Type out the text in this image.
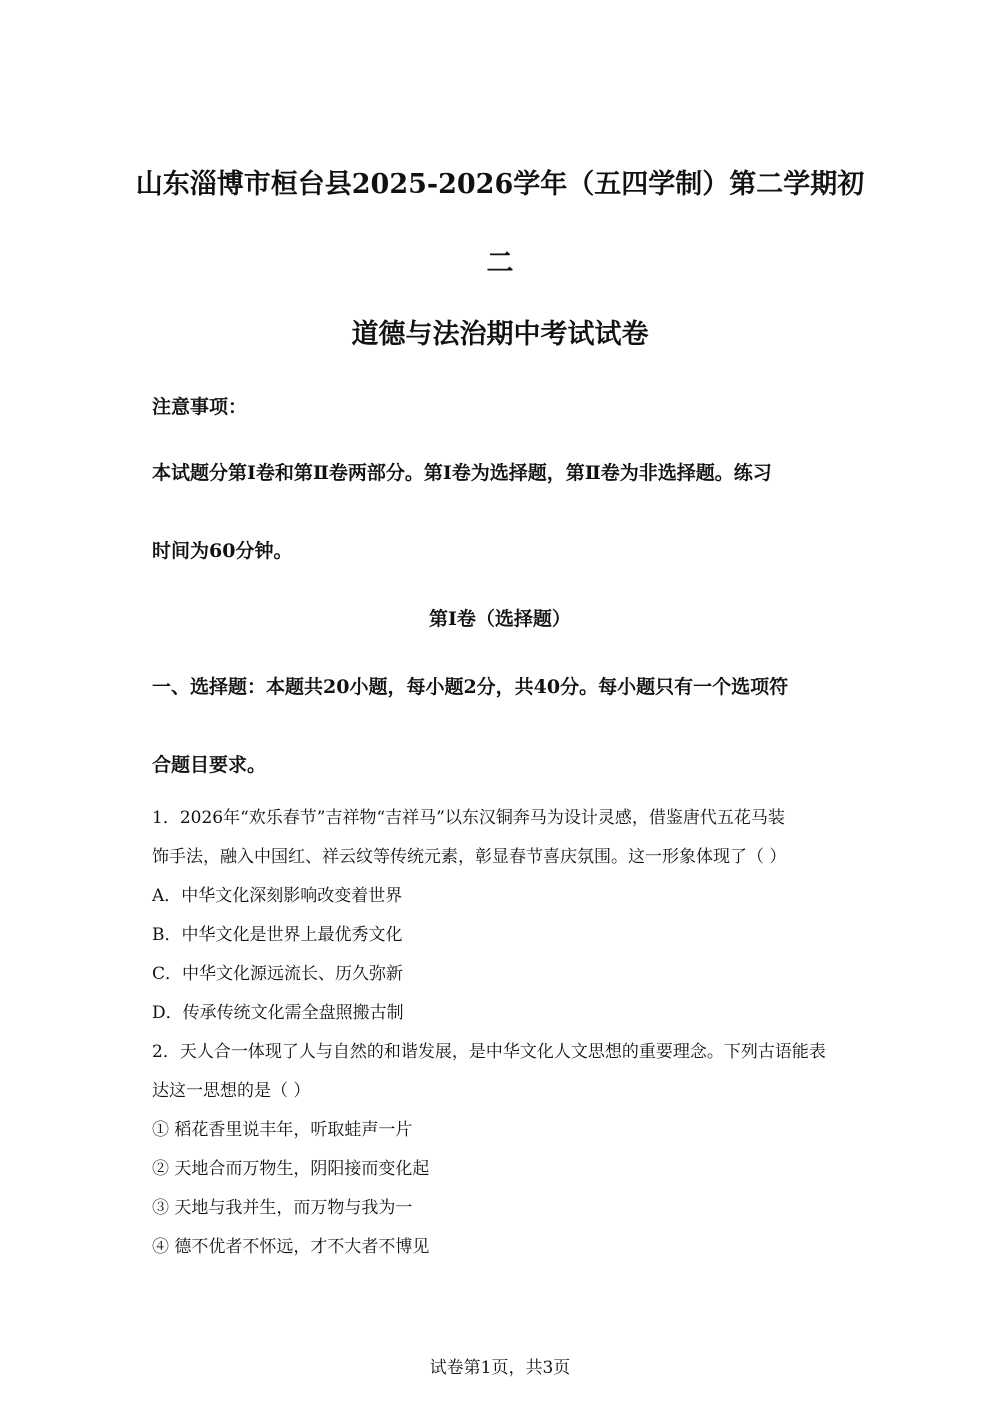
山东淄博市桓台县2025-2026学年（五四学制）第二学期初
二
道德与法治期中考试试卷

注意事项：

本试题分第Ⅰ卷和第Ⅱ卷两部分。第Ⅰ卷为选择题，第Ⅱ卷为非选择题。练习

时间为60分钟。

第Ⅰ卷（选择题）

一、选择题：本题共20小题，每小题2分，共40分。每小题只有一个选项符

合题目要求。

1．2026年“欢乐春节”吉祥物“吉祥马”以东汉铜奔马为设计灵感，借鉴唐代五花马装

饰手法，融入中国红、祥云纹等传统元素，彰显春节喜庆氛围。这一形象体现了（ ）

A．中华文化深刻影响改变着世界

B．中华文化是世界上最优秀文化

C．中华文化源远流长、历久弥新

D．传承传统文化需全盘照搬古制

2．天人合一体现了人与自然的和谐发展，是中华文化人文思想的重要理念。下列古语能表

达这一思想的是（ ）

① 稻花香里说丰年，听取蛙声一片

② 天地合而万物生，阴阳接而变化起

③ 天地与我并生，而万物与我为一

④ 德不优者不怀远，才不大者不博见

试卷第1页，共3页
